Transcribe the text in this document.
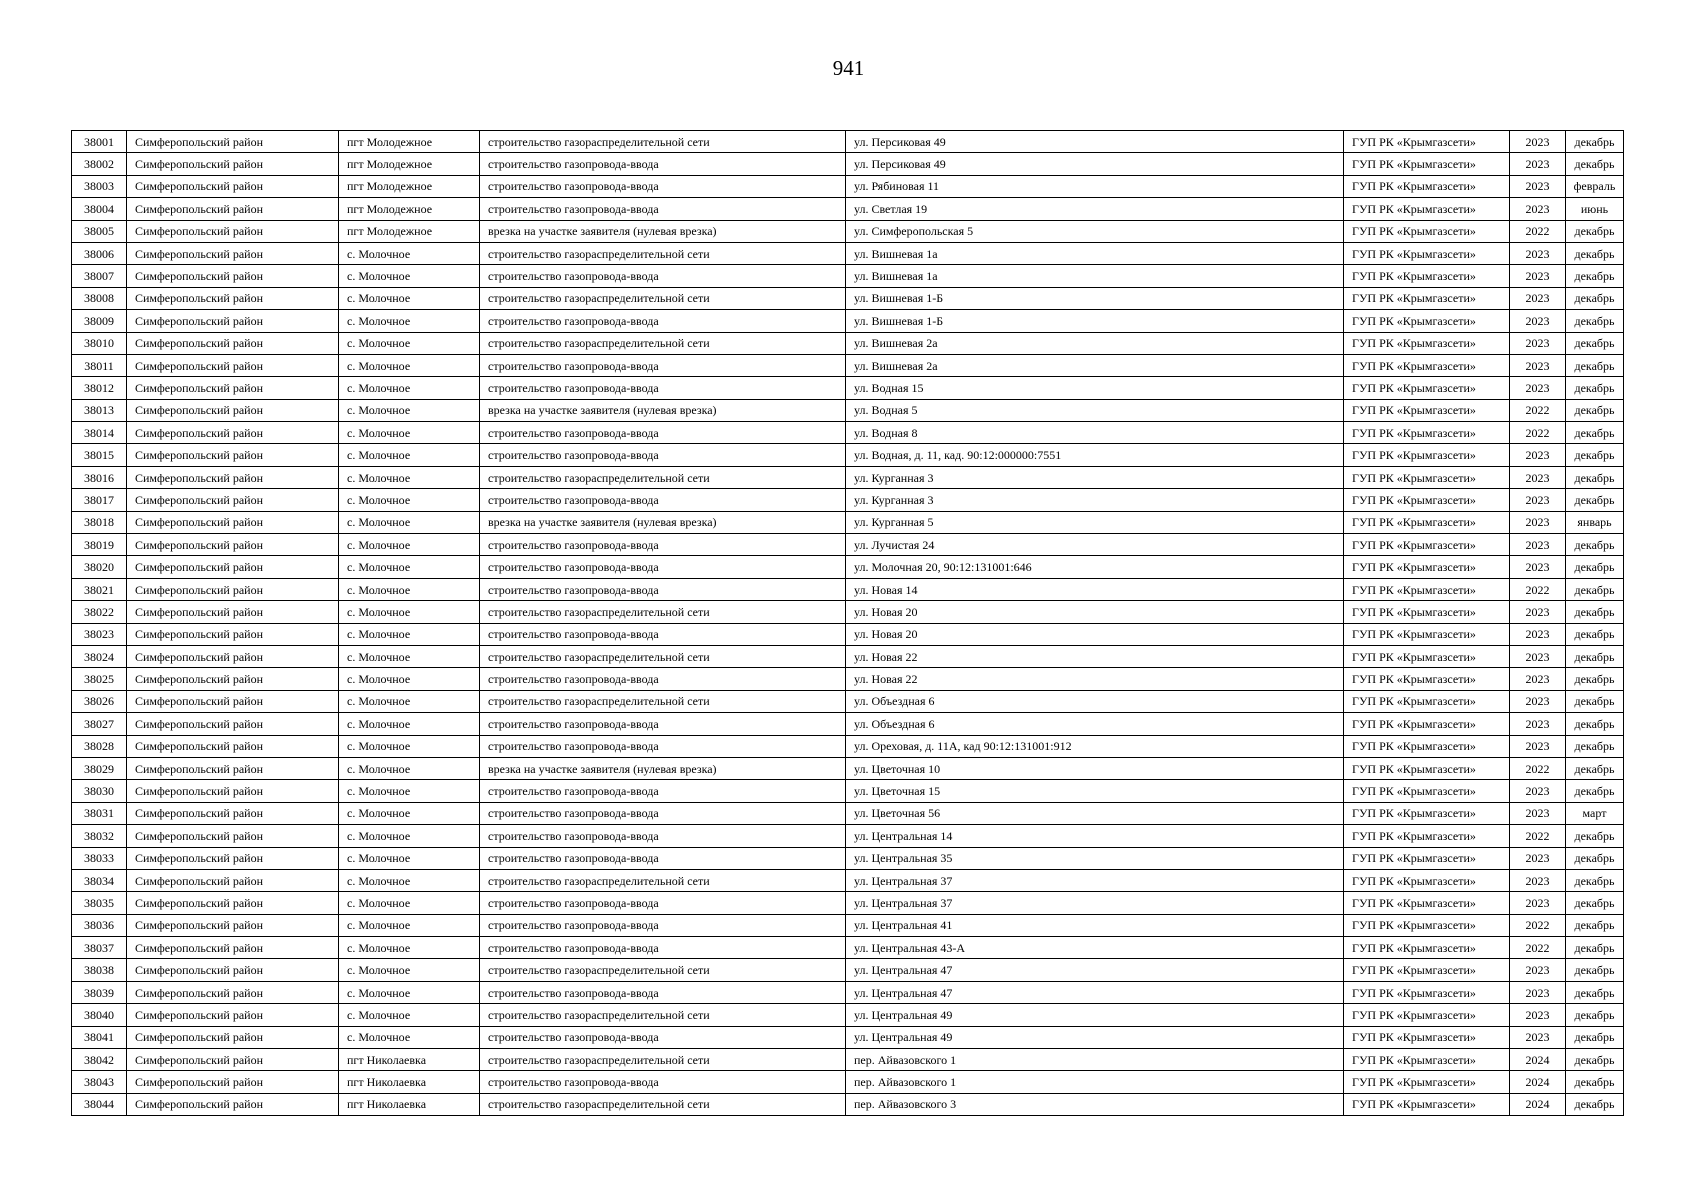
941
38001	Симферопольский район	пгт Молодежное	строительство газораспределительной сети	ул. Персиковая 49	ГУП РК «Крымгазсети»	2023	декабрь
38002	Симферопольский район	пгт Молодежное	строительство газопровода-ввода	ул. Персиковая 49	ГУП РК «Крымгазсети»	2023	декабрь
38003	Симферопольский район	пгт Молодежное	строительство газопровода-ввода	ул. Рябиновая 11	ГУП РК «Крымгазсети»	2023	февраль
38004	Симферопольский район	пгт Молодежное	строительство газопровода-ввода	ул. Светлая 19	ГУП РК «Крымгазсети»	2023	июнь
38005	Симферопольский район	пгт Молодежное	врезка на участке заявителя (нулевая врезка)	ул. Симферопольская 5	ГУП РК «Крымгазсети»	2022	декабрь
38006	Симферопольский район	с. Молочное	строительство газораспределительной сети	ул. Вишневая 1а	ГУП РК «Крымгазсети»	2023	декабрь
38007	Симферопольский район	с. Молочное	строительство газопровода-ввода	ул. Вишневая 1а	ГУП РК «Крымгазсети»	2023	декабрь
38008	Симферопольский район	с. Молочное	строительство газораспределительной сети	ул. Вишневая 1-Б	ГУП РК «Крымгазсети»	2023	декабрь
38009	Симферопольский район	с. Молочное	строительство газопровода-ввода	ул. Вишневая 1-Б	ГУП РК «Крымгазсети»	2023	декабрь
38010	Симферопольский район	с. Молочное	строительство газораспределительной сети	ул. Вишневая 2а	ГУП РК «Крымгазсети»	2023	декабрь
38011	Симферопольский район	с. Молочное	строительство газопровода-ввода	ул. Вишневая 2а	ГУП РК «Крымгазсети»	2023	декабрь
38012	Симферопольский район	с. Молочное	строительство газопровода-ввода	ул. Водная 15	ГУП РК «Крымгазсети»	2023	декабрь
38013	Симферопольский район	с. Молочное	врезка на участке заявителя (нулевая врезка)	ул. Водная 5	ГУП РК «Крымгазсети»	2022	декабрь
38014	Симферопольский район	с. Молочное	строительство газопровода-ввода	ул. Водная 8	ГУП РК «Крымгазсети»	2022	декабрь
38015	Симферопольский район	с. Молочное	строительство газопровода-ввода	ул. Водная, д. 11, кад. 90:12:000000:7551	ГУП РК «Крымгазсети»	2023	декабрь
38016	Симферопольский район	с. Молочное	строительство газораспределительной сети	ул. Курганная 3	ГУП РК «Крымгазсети»	2023	декабрь
38017	Симферопольский район	с. Молочное	строительство газопровода-ввода	ул. Курганная 3	ГУП РК «Крымгазсети»	2023	декабрь
38018	Симферопольский район	с. Молочное	врезка на участке заявителя (нулевая врезка)	ул. Курганная 5	ГУП РК «Крымгазсети»	2023	январь
38019	Симферопольский район	с. Молочное	строительство газопровода-ввода	ул. Лучистая 24	ГУП РК «Крымгазсети»	2023	декабрь
38020	Симферопольский район	с. Молочное	строительство газопровода-ввода	ул. Молочная 20, 90:12:131001:646	ГУП РК «Крымгазсети»	2023	декабрь
38021	Симферопольский район	с. Молочное	строительство газопровода-ввода	ул. Новая 14	ГУП РК «Крымгазсети»	2022	декабрь
38022	Симферопольский район	с. Молочное	строительство газораспределительной сети	ул. Новая 20	ГУП РК «Крымгазсети»	2023	декабрь
38023	Симферопольский район	с. Молочное	строительство газопровода-ввода	ул. Новая 20	ГУП РК «Крымгазсети»	2023	декабрь
38024	Симферопольский район	с. Молочное	строительство газораспределительной сети	ул. Новая 22	ГУП РК «Крымгазсети»	2023	декабрь
38025	Симферопольский район	с. Молочное	строительство газопровода-ввода	ул. Новая 22	ГУП РК «Крымгазсети»	2023	декабрь
38026	Симферопольский район	с. Молочное	строительство газораспределительной сети	ул. Объездная 6	ГУП РК «Крымгазсети»	2023	декабрь
38027	Симферопольский район	с. Молочное	строительство газопровода-ввода	ул. Объездная 6	ГУП РК «Крымгазсети»	2023	декабрь
38028	Симферопольский район	с. Молочное	строительство газопровода-ввода	ул. Ореховая, д. 11А, кад 90:12:131001:912	ГУП РК «Крымгазсети»	2023	декабрь
38029	Симферопольский район	с. Молочное	врезка на участке заявителя (нулевая врезка)	ул. Цветочная 10	ГУП РК «Крымгазсети»	2022	декабрь
38030	Симферопольский район	с. Молочное	строительство газопровода-ввода	ул. Цветочная 15	ГУП РК «Крымгазсети»	2023	декабрь
38031	Симферопольский район	с. Молочное	строительство газопровода-ввода	ул. Цветочная 56	ГУП РК «Крымгазсети»	2023	март
38032	Симферопольский район	с. Молочное	строительство газопровода-ввода	ул. Центральная 14	ГУП РК «Крымгазсети»	2022	декабрь
38033	Симферопольский район	с. Молочное	строительство газопровода-ввода	ул. Центральная 35	ГУП РК «Крымгазсети»	2023	декабрь
38034	Симферопольский район	с. Молочное	строительство газораспределительной сети	ул. Центральная 37	ГУП РК «Крымгазсети»	2023	декабрь
38035	Симферопольский район	с. Молочное	строительство газопровода-ввода	ул. Центральная 37	ГУП РК «Крымгазсети»	2023	декабрь
38036	Симферопольский район	с. Молочное	строительство газопровода-ввода	ул. Центральная 41	ГУП РК «Крымгазсети»	2022	декабрь
38037	Симферопольский район	с. Молочное	строительство газопровода-ввода	ул. Центральная 43-А	ГУП РК «Крымгазсети»	2022	декабрь
38038	Симферопольский район	с. Молочное	строительство газораспределительной сети	ул. Центральная 47	ГУП РК «Крымгазсети»	2023	декабрь
38039	Симферопольский район	с. Молочное	строительство газопровода-ввода	ул. Центральная 47	ГУП РК «Крымгазсети»	2023	декабрь
38040	Симферопольский район	с. Молочное	строительство газораспределительной сети	ул. Центральная 49	ГУП РК «Крымгазсети»	2023	декабрь
38041	Симферопольский район	с. Молочное	строительство газопровода-ввода	ул. Центральная 49	ГУП РК «Крымгазсети»	2023	декабрь
38042	Симферопольский район	пгт Николаевка	строительство газораспределительной сети	пер. Айвазовского 1	ГУП РК «Крымгазсети»	2024	декабрь
38043	Симферопольский район	пгт Николаевка	строительство газопровода-ввода	пер. Айвазовского 1	ГУП РК «Крымгазсети»	2024	декабрь
38044	Симферопольский район	пгт Николаевка	строительство газораспределительной сети	пер. Айвазовского 3	ГУП РК «Крымгазсети»	2024	декабрь
